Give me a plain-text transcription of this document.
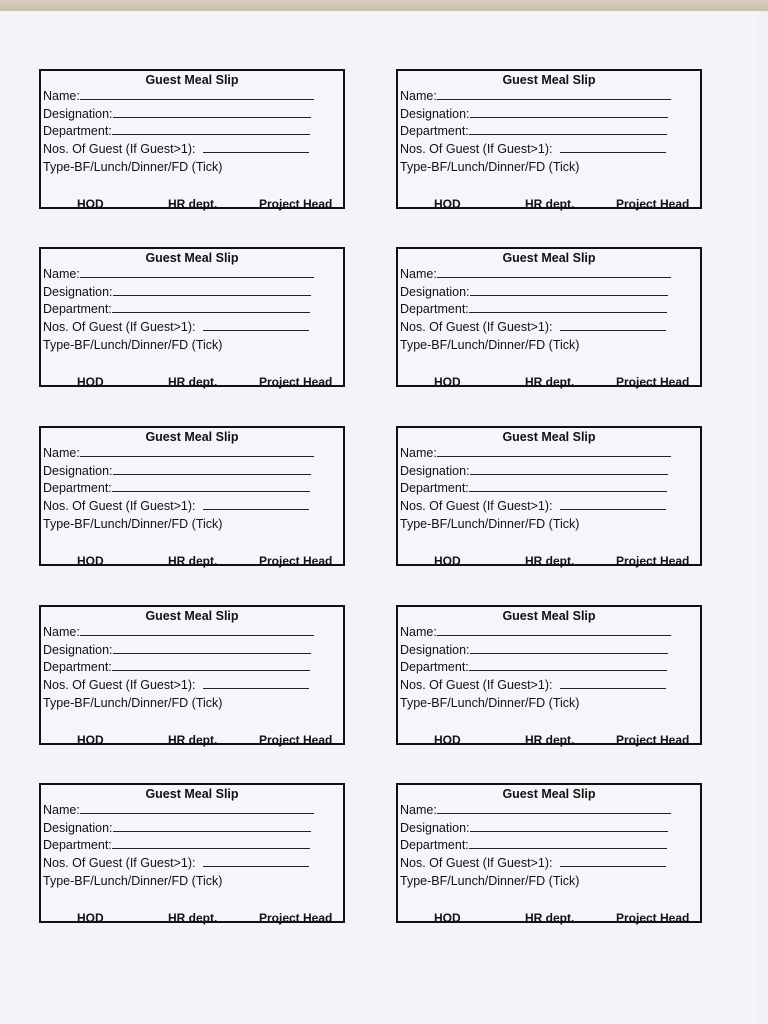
Guest Meal Slip
Name:
Designation:
Department:
Nos. Of Guest (If Guest>1):
Type-BF/Lunch/Dinner/FD (Tick)
HOD	HR dept.	Project Head
Guest Meal Slip
Name:
Designation:
Department:
Nos. Of Guest (If Guest>1):
Type-BF/Lunch/Dinner/FD (Tick)
HOD	HR dept.	Project Head
Guest Meal Slip
Name:
Designation:
Department:
Nos. Of Guest (If Guest>1):
Type-BF/Lunch/Dinner/FD (Tick)
HOD	HR dept.	Project Head
Guest Meal Slip
Name:
Designation:
Department:
Nos. Of Guest (If Guest>1):
Type-BF/Lunch/Dinner/FD (Tick)
HOD	HR dept.	Project Head
Guest Meal Slip
Name:
Designation:
Department:
Nos. Of Guest (If Guest>1):
Type-BF/Lunch/Dinner/FD (Tick)
HOD	HR dept.	Project Head
Guest Meal Slip
Name:
Designation:
Department:
Nos. Of Guest (If Guest>1):
Type-BF/Lunch/Dinner/FD (Tick)
HOD	HR dept.	Project Head
Guest Meal Slip
Name:
Designation:
Department:
Nos. Of Guest (If Guest>1):
Type-BF/Lunch/Dinner/FD (Tick)
HOD	HR dept.	Project Head
Guest Meal Slip
Name:
Designation:
Department:
Nos. Of Guest (If Guest>1):
Type-BF/Lunch/Dinner/FD (Tick)
HOD	HR dept.	Project Head
Guest Meal Slip
Name:
Designation:
Department:
Nos. Of Guest (If Guest>1):
Type-BF/Lunch/Dinner/FD (Tick)
HOD	HR dept.	Project Head
Guest Meal Slip
Name:
Designation:
Department:
Nos. Of Guest (If Guest>1):
Type-BF/Lunch/Dinner/FD (Tick)
HOD	HR dept.	Project Head
